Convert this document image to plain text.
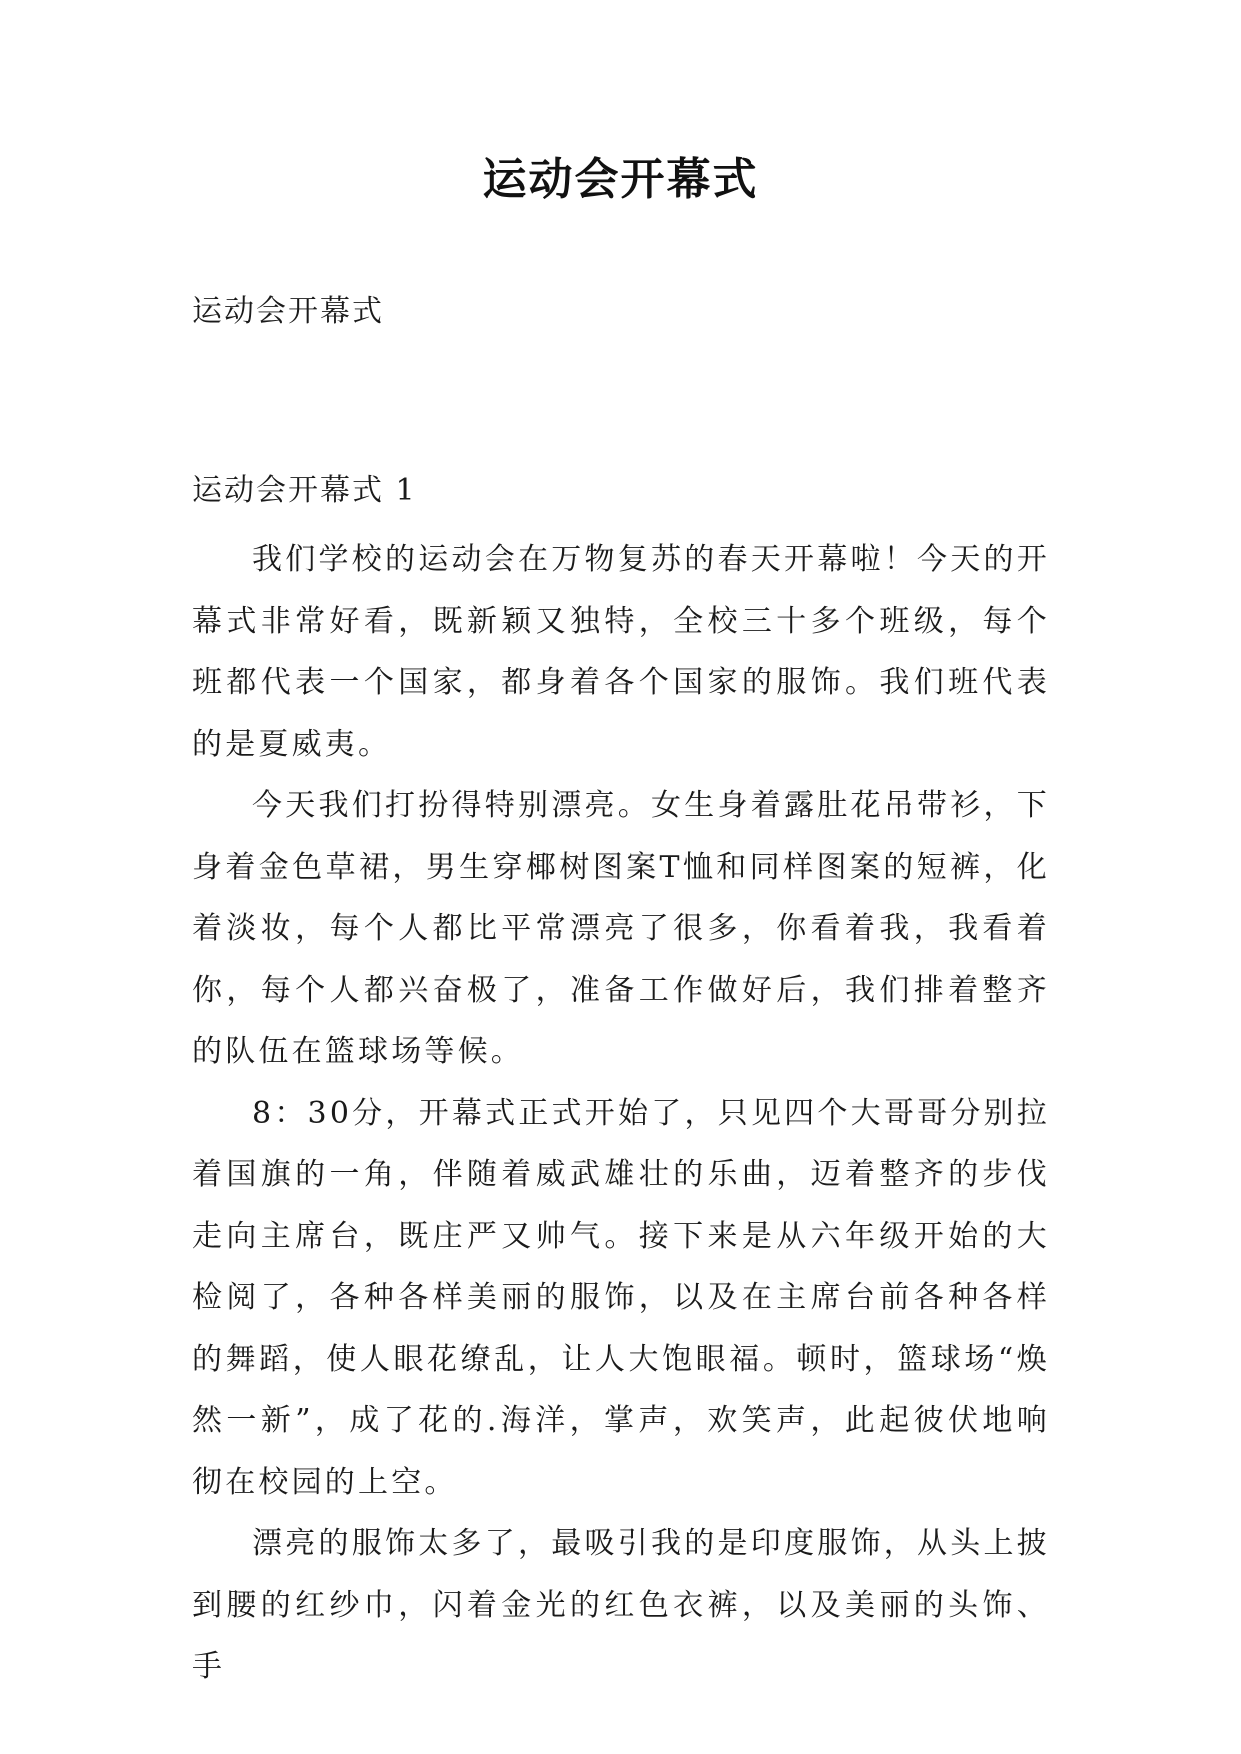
运动会开幕式
运动会开幕式
运动会开幕式 1

我们学校的运动会在万物复苏的春天开幕啦！今天的开幕式非常好看，既新颖又独特，全校三十多个班级，每个班都代表一个国家，都身着各个国家的服饰。我们班代表的是夏威夷。

今天我们打扮得特别漂亮。女生身着露肚花吊带衫，下身着金色草裙，男生穿椰树图案T恤和同样图案的短裤，化着淡妆，每个人都比平常漂亮了很多，你看着我，我看着你，每个人都兴奋极了，准备工作做好后，我们排着整齐的队伍在篮球场等候。

8：30分，开幕式正式开始了，只见四个大哥哥分别拉着国旗的一角，伴随着威武雄壮的乐曲，迈着整齐的步伐走向主席台，既庄严又帅气。接下来是从六年级开始的大检阅了，各种各样美丽的服饰，以及在主席台前各种各样的舞蹈，使人眼花缭乱，让人大饱眼福。顿时，篮球场“焕然一新”，成了花的.海洋，掌声，欢笑声，此起彼伏地响彻在校园的上空。

漂亮的服饰太多了，最吸引我的是印度服饰，从头上披到腰的红纱巾，闪着金光的红色衣裤，以及美丽的头饰、手
